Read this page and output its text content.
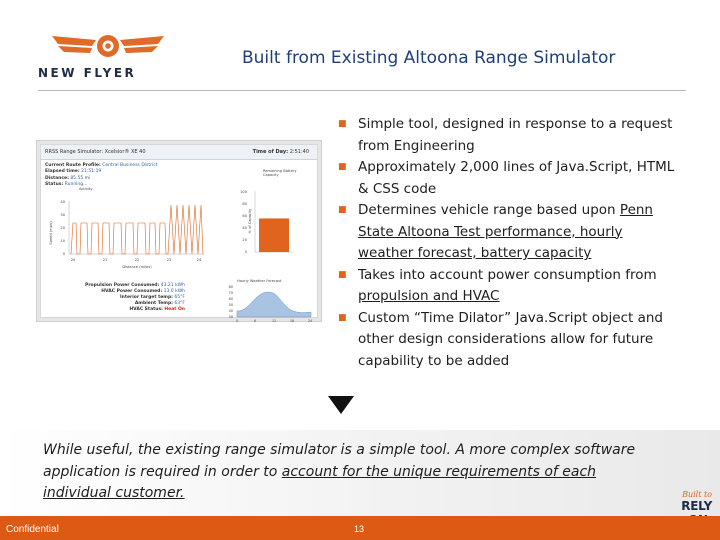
NEW FLYER
Built from Existing Altoona Range Simulator
RRSS Range Simulator: Xcelsior® XE 40	Time of Day: 2:51:40
Current Route Profile: Central Business District
Elapsed time: 21:51:19
Distance: 85.55 mi
Status: Running...
Activity
Speed (mph)
40
30
20
10
0
20	21	22	23	24
Distance (miles)
Remaining Battery Capacity
% of Capacity
100
80
60
40
20
0
Hourly Weather Forecast
80
70
60
50
40
30
0	6	12	18	24
Propulsion Power Consumed: 43.21 kWh
HVAC Power Consumed: 13.0 kWh
Interior target temp: 65°F
Ambient Temp: 63°F
HVAC Status: Heat On
■ Simple tool, designed in response to a request
from Engineering
■ Approximately 2,000 lines of Java.Script, HTML
& CSS code
■ Determines vehicle range based upon Penn
State Altoona Test performance, hourly
weather forecast, battery capacity
■ Takes into account power consumption from
propulsion and HVAC
■ Custom “Time Dilator” Java.Script object and
other design considerations allow for future
capability to be added
While useful, the existing range simulator is a simple tool. A more complex software
application is required in order to account for the unique requirements of each
individual customer.	Built to
RELY
Confidential	13
